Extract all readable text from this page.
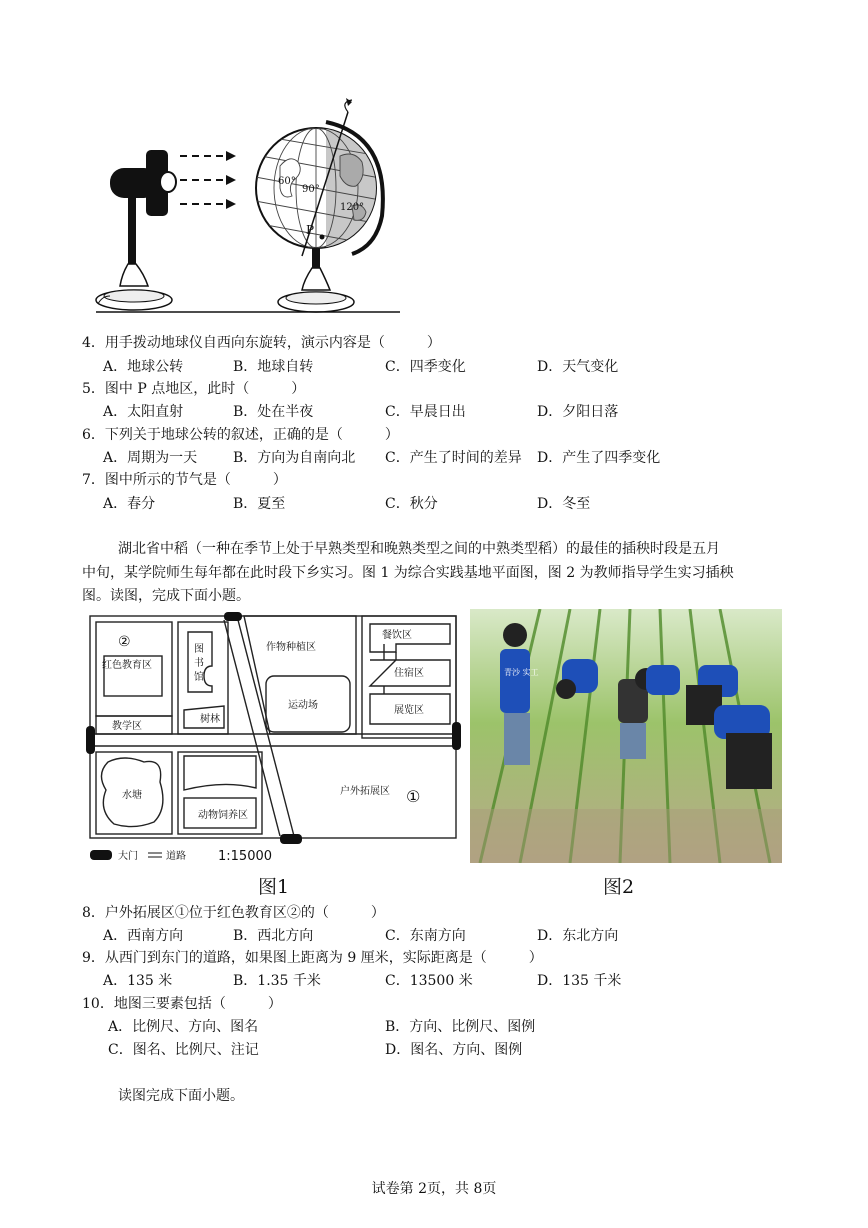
60°
90°
120°
P
4．用手拨动地球仪自西向东旋转，演示内容是（　　　）
A．地球公转	B．地球自转	C．四季变化	D．天气变化
5．图中 P 点地区，此时（　　　）
A．太阳直射	B．处在半夜	C．早晨日出	D．夕阳日落
6．下列关于地球公转的叙述，正确的是（　　　）
A．周期为一天	B．方向为自南向北 C．产生了时间的差异 D．产生了四季变化
7．图中所示的节气是（　　　）
A．春分	B．夏至	C．秋分	D．冬至
湖北省中稻（一种在季节上处于早熟类型和晚熟类型之间的中熟类型稻）的最佳的插秧时段是五月
中旬，某学院师生每年都在此时段下乡实习。图 1 为综合实践基地平面图，图 2 为教师指导学生实习插秧
图。读图，完成下面小题。
②
红色教育区
图
书
馆
作物种植区
餐饮区
住宿区
展览区
运动场
树林
教学区
水塘
动物饲养区
户外拓展区 ①
大门	道路 1:15000
青沙 实工
图1	图2
8．户外拓展区①位于红色教育区②的（　　　）
A．西南方向	B．西北方向	C．东南方向	D．东北方向
9．从西门到东门的道路，如果图上距离为 9 厘米，实际距离是（　　　）
A．135 米	B．1.35 千米	C．13500 米	D．135 千米
10．地图三要素包括（　　　）
A．比例尺、方向、图名	B．方向、比例尺、图例
C．图名、比例尺、注记	D．图名、方向、图例
读图完成下面小题。
试卷第 2页，共 8页
